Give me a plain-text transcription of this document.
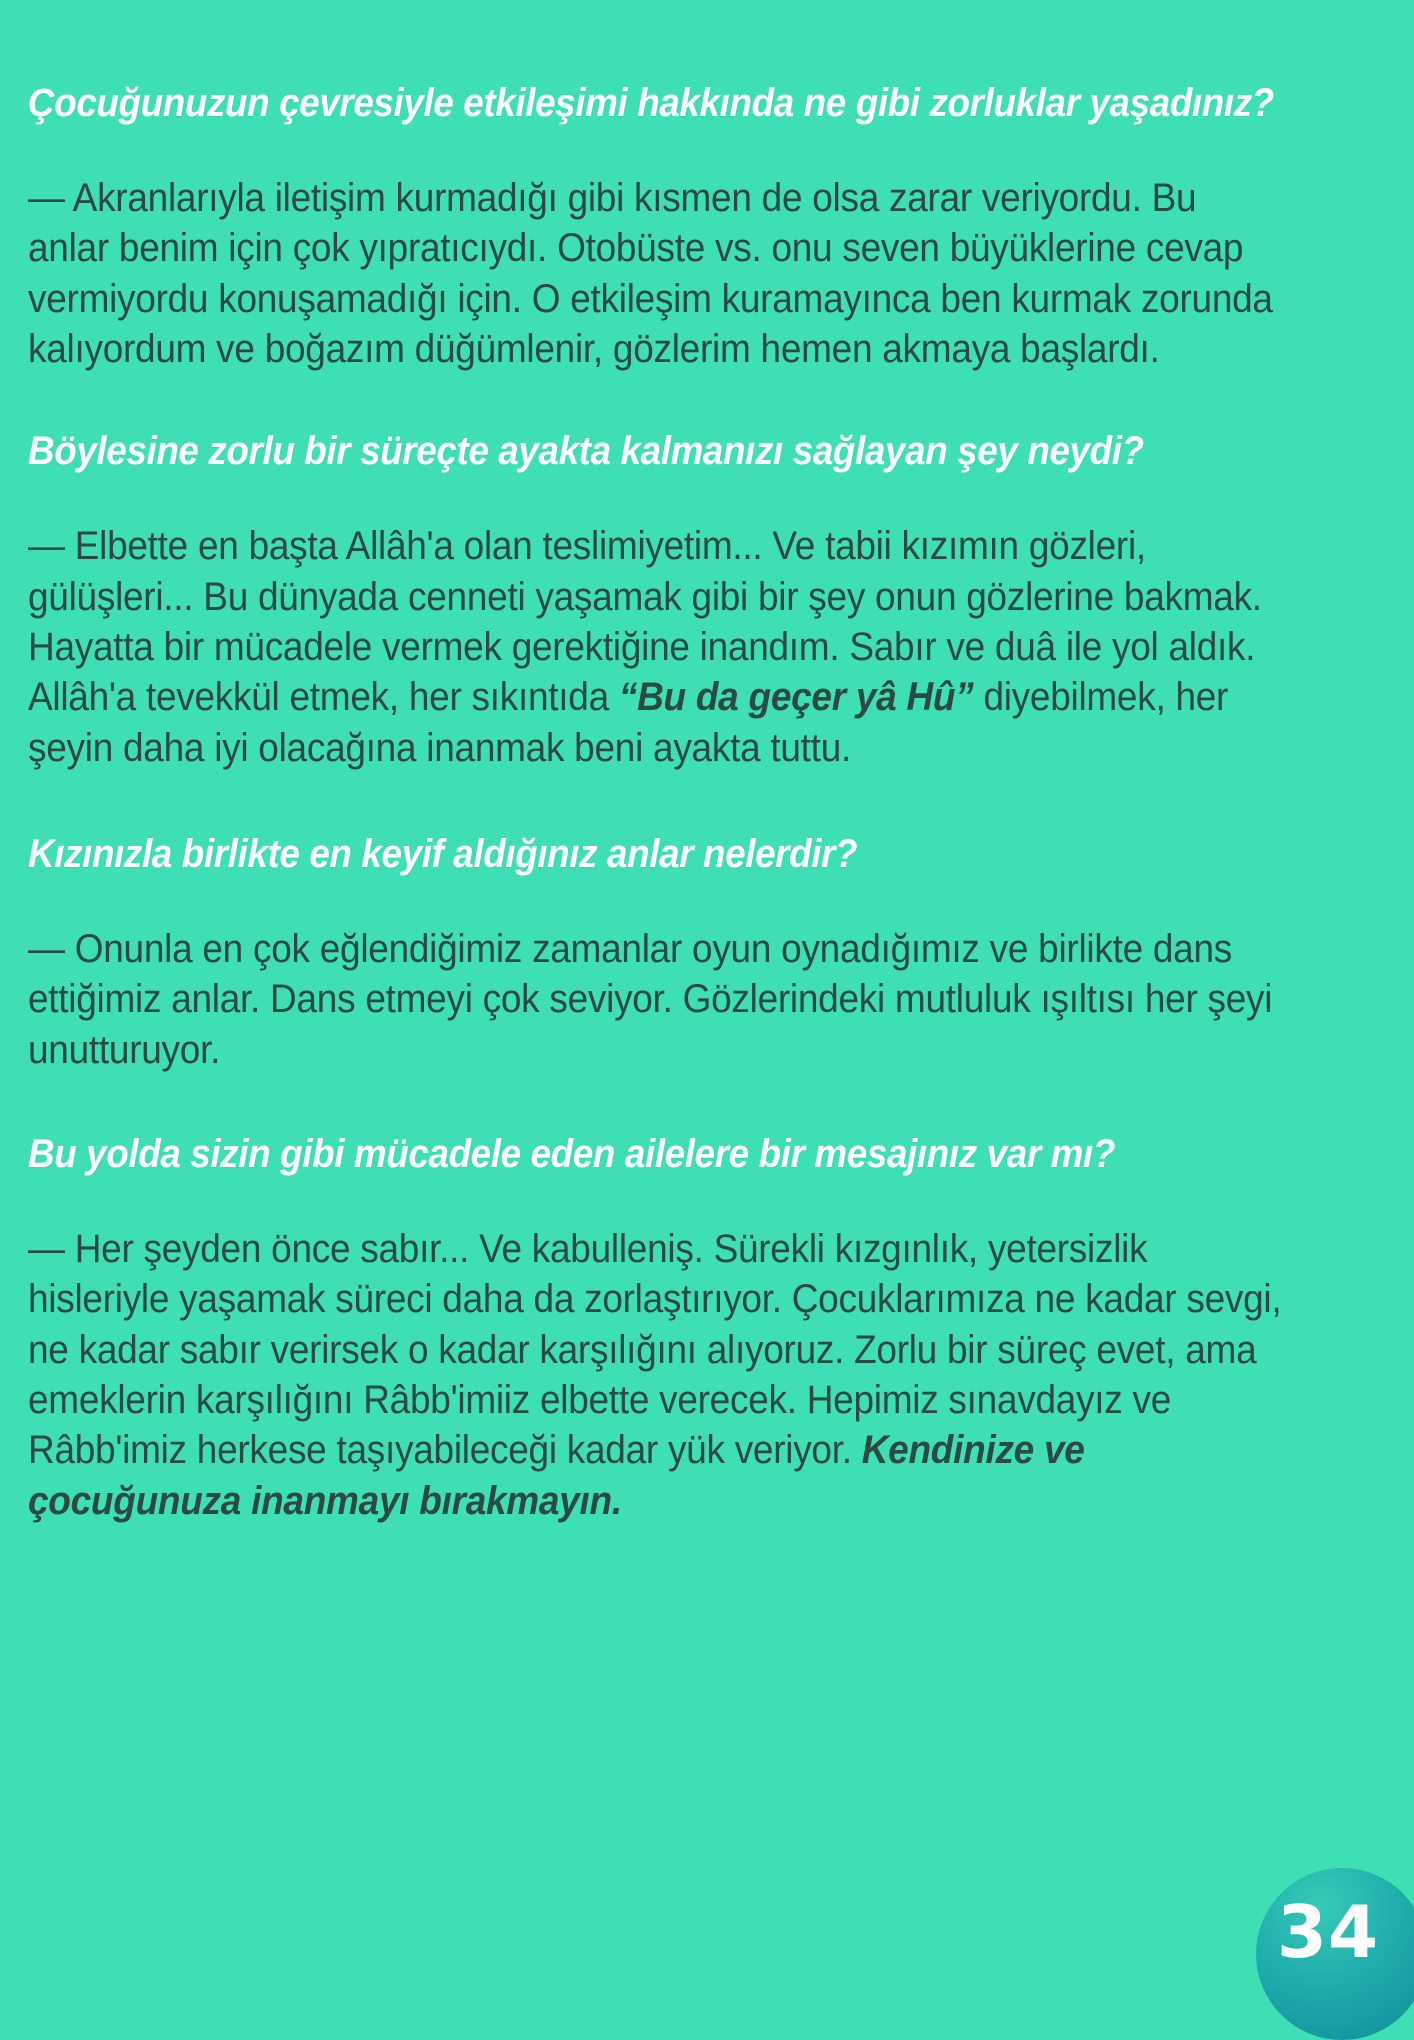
Çocuğunuzun çevresiyle etkileşimi hakkında ne gibi zorluklar yaşadınız?

— Akranlarıyla iletişim kurmadığı gibi kısmen de olsa zarar veriyordu. Bu anlar benim için çok yıpratıcıydı. Otobüste vs. onu seven büyüklerine cevap vermiyordu konuşamadığı için. O etkileşim kuramayınca ben kurmak zorunda kalıyordum ve boğazım düğümlenir, gözlerim hemen akmaya başlardı.

Böylesine zorlu bir süreçte ayakta kalmanızı sağlayan şey neydi?

— Elbette en başta Allâh'a olan teslimiyetim... Ve tabii kızımın gözleri, gülüşleri... Bu dünyada cenneti yaşamak gibi bir şey onun gözlerine bakmak. Hayatta bir mücadele vermek gerektiğine inandım. Sabır ve duâ ile yol aldık. Allâh'a tevekkül etmek, her sıkıntıda “Bu da geçer yâ Hû” diyebilmek, her şeyin daha iyi olacağına inanmak beni ayakta tuttu.

Kızınızla birlikte en keyif aldığınız anlar nelerdir?

— Onunla en çok eğlendiğimiz zamanlar oyun oynadığımız ve birlikte dans ettiğimiz anlar. Dans etmeyi çok seviyor. Gözlerindeki mutluluk ışıltısı her şeyi unutturuyor.

Bu yolda sizin gibi mücadele eden ailelere bir mesajınız var mı?

— Her şeyden önce sabır... Ve kabulleniş. Sürekli kızgınlık, yetersizlik hisleriyle yaşamak süreci daha da zorlaştırıyor. Çocuklarımıza ne kadar sevgi, ne kadar sabır verirsek o kadar karşılığını alıyoruz. Zorlu bir süreç evet, ama emeklerin karşılığını Râbb'imiiz elbette verecek. Hepimiz sınavdayız ve Râbb'imiz herkese taşıyabileceği kadar yük veriyor. Kendinize ve çocuğunuza inanmayı bırakmayın.

34
